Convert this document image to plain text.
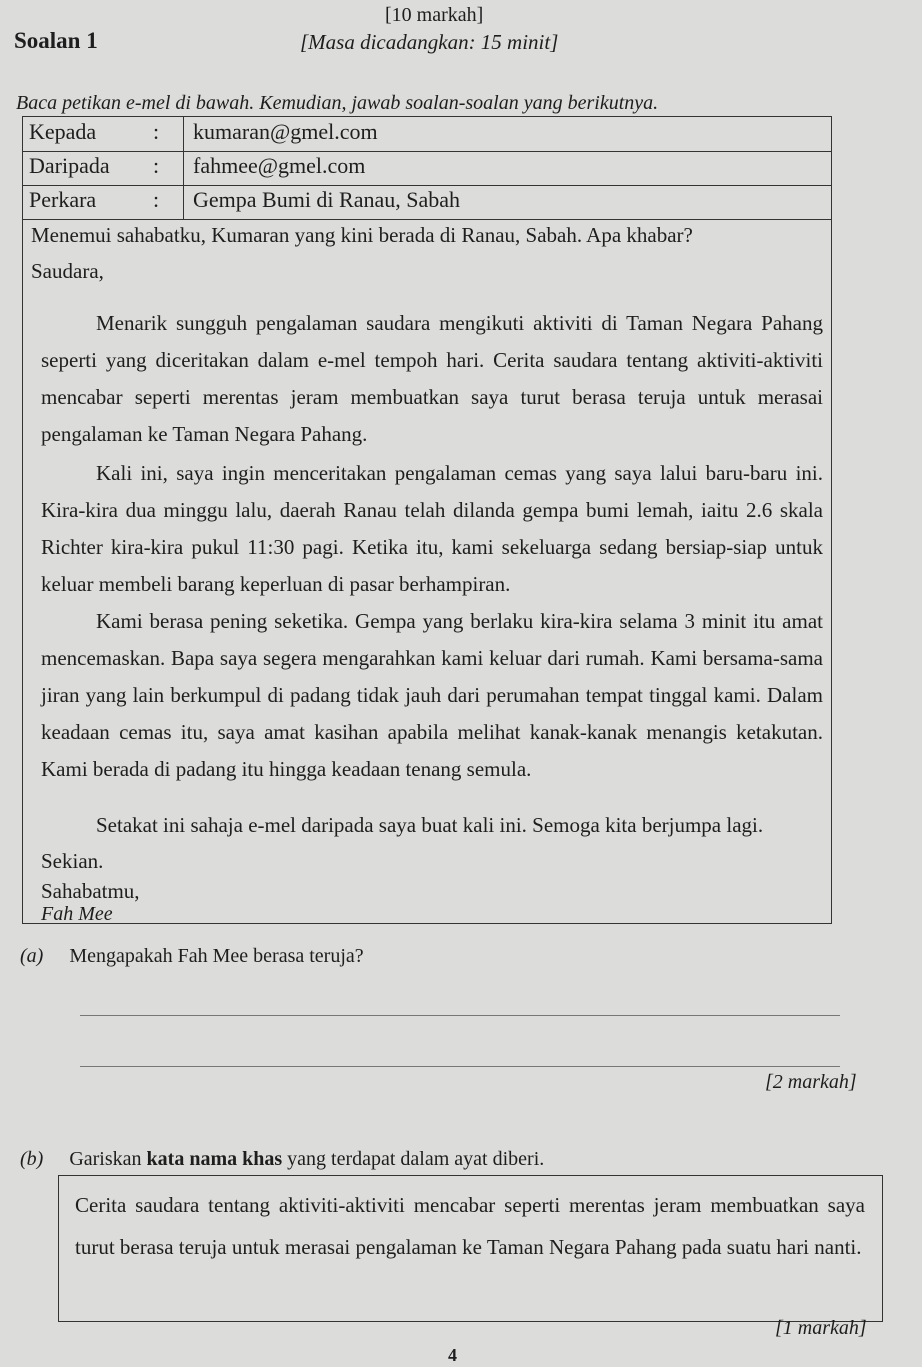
[10 markah]
Soalan 1	[Masa dicadangkan: 15 minit]
Baca petikan e-mel di bawah. Kemudian, jawab soalan-soalan yang berikutnya.
Kepada	: kumaran@gmel.com
Daripada	: fahmee@gmel.com
Perkara	: Gempa Bumi di Ranau, Sabah
Menemui sahabatku, Kumaran yang kini berada di Ranau, Sabah. Apa khabar?
Saudara,
Menarik sungguh pengalaman saudara mengikuti aktiviti di Taman Negara Pahang seperti yang diceritakan dalam e-mel tempoh hari. Cerita saudara tentang aktiviti-aktiviti mencabar seperti merentas jeram membuatkan saya turut berasa teruja untuk merasai pengalaman ke Taman Negara Pahang.
Kali ini, saya ingin menceritakan pengalaman cemas yang saya lalui baru-baru ini. Kira-kira dua minggu lalu, daerah Ranau telah dilanda gempa bumi lemah, iaitu 2.6 skala Richter kira-kira pukul 11:30 pagi. Ketika itu, kami sekeluarga sedang bersiap-siap untuk keluar membeli barang keperluan di pasar berhampiran.
Kami berasa pening seketika. Gempa yang berlaku kira-kira selama 3 minit itu amat mencemaskan. Bapa saya segera mengarahkan kami keluar dari rumah. Kami bersama-sama jiran yang lain berkumpul di padang tidak jauh dari perumahan tempat tinggal kami. Dalam keadaan cemas itu, saya amat kasihan apabila melihat kanak-kanak menangis ketakutan. Kami berada di padang itu hingga keadaan tenang semula.
Setakat ini sahaja e-mel daripada saya buat kali ini. Semoga kita berjumpa lagi.
Sekian.
Sahabatmu,
Fah Mee
(a) Mengapakah Fah Mee berasa teruja?
[2 markah]
(b) Gariskan kata nama khas yang terdapat dalam ayat diberi.
Cerita saudara tentang aktiviti-aktiviti mencabar seperti merentas jeram membuatkan saya turut berasa teruja untuk merasai pengalaman ke Taman Negara Pahang pada suatu hari nanti.
[1 markah]
4
